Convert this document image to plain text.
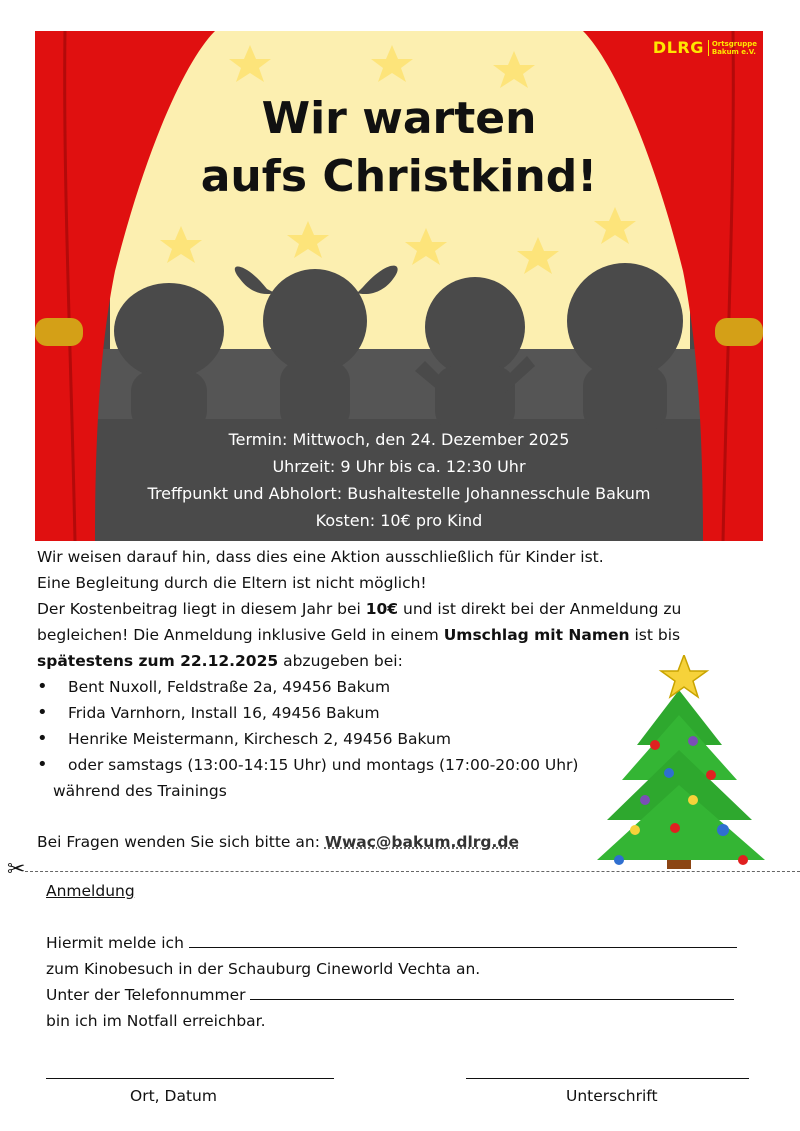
DLRG	Ortsgruppe
Bakum e.V.
Wir warten
aufs Christkind!
Termin: Mittwoch, den 24. Dezember 2025
Uhrzeit: 9 Uhr bis ca. 12:30 Uhr
Treffpunkt und Abholort: Bushaltestelle Johannesschule Bakum
Kosten: 10€ pro Kind
Wir weisen darauf hin, dass dies eine Aktion ausschließlich für Kinder ist.
Eine Begleitung durch die Eltern ist nicht möglich!
Der Kostenbeitrag liegt in diesem Jahr bei 10€ und ist direkt bei der Anmeldung zu
begleichen! Die Anmeldung inklusive Geld in einem Umschlag mit Namen ist bis
spätestens zum 22.12.2025 abzugeben bei:
• Bent Nuxoll, Feldstraße 2a, 49456 Bakum
• Frida Varnhorn, Install 16, 49456 Bakum
• Henrike Meistermann, Kirchesch 2, 49456 Bakum
• oder samstags (13:00-14:15 Uhr) und montags (17:00-20:00 Uhr)
während des Trainings
Bei Fragen wenden Sie sich bitte an: Wwac@bakum.dlrg.de
✂
Anmeldung
Hiermit melde ich
zum Kinobesuch in der Schauburg Cineworld Vechta an.
Unter der Telefonnummer
bin ich im Notfall erreichbar.
Ort, Datum	Unterschrift
